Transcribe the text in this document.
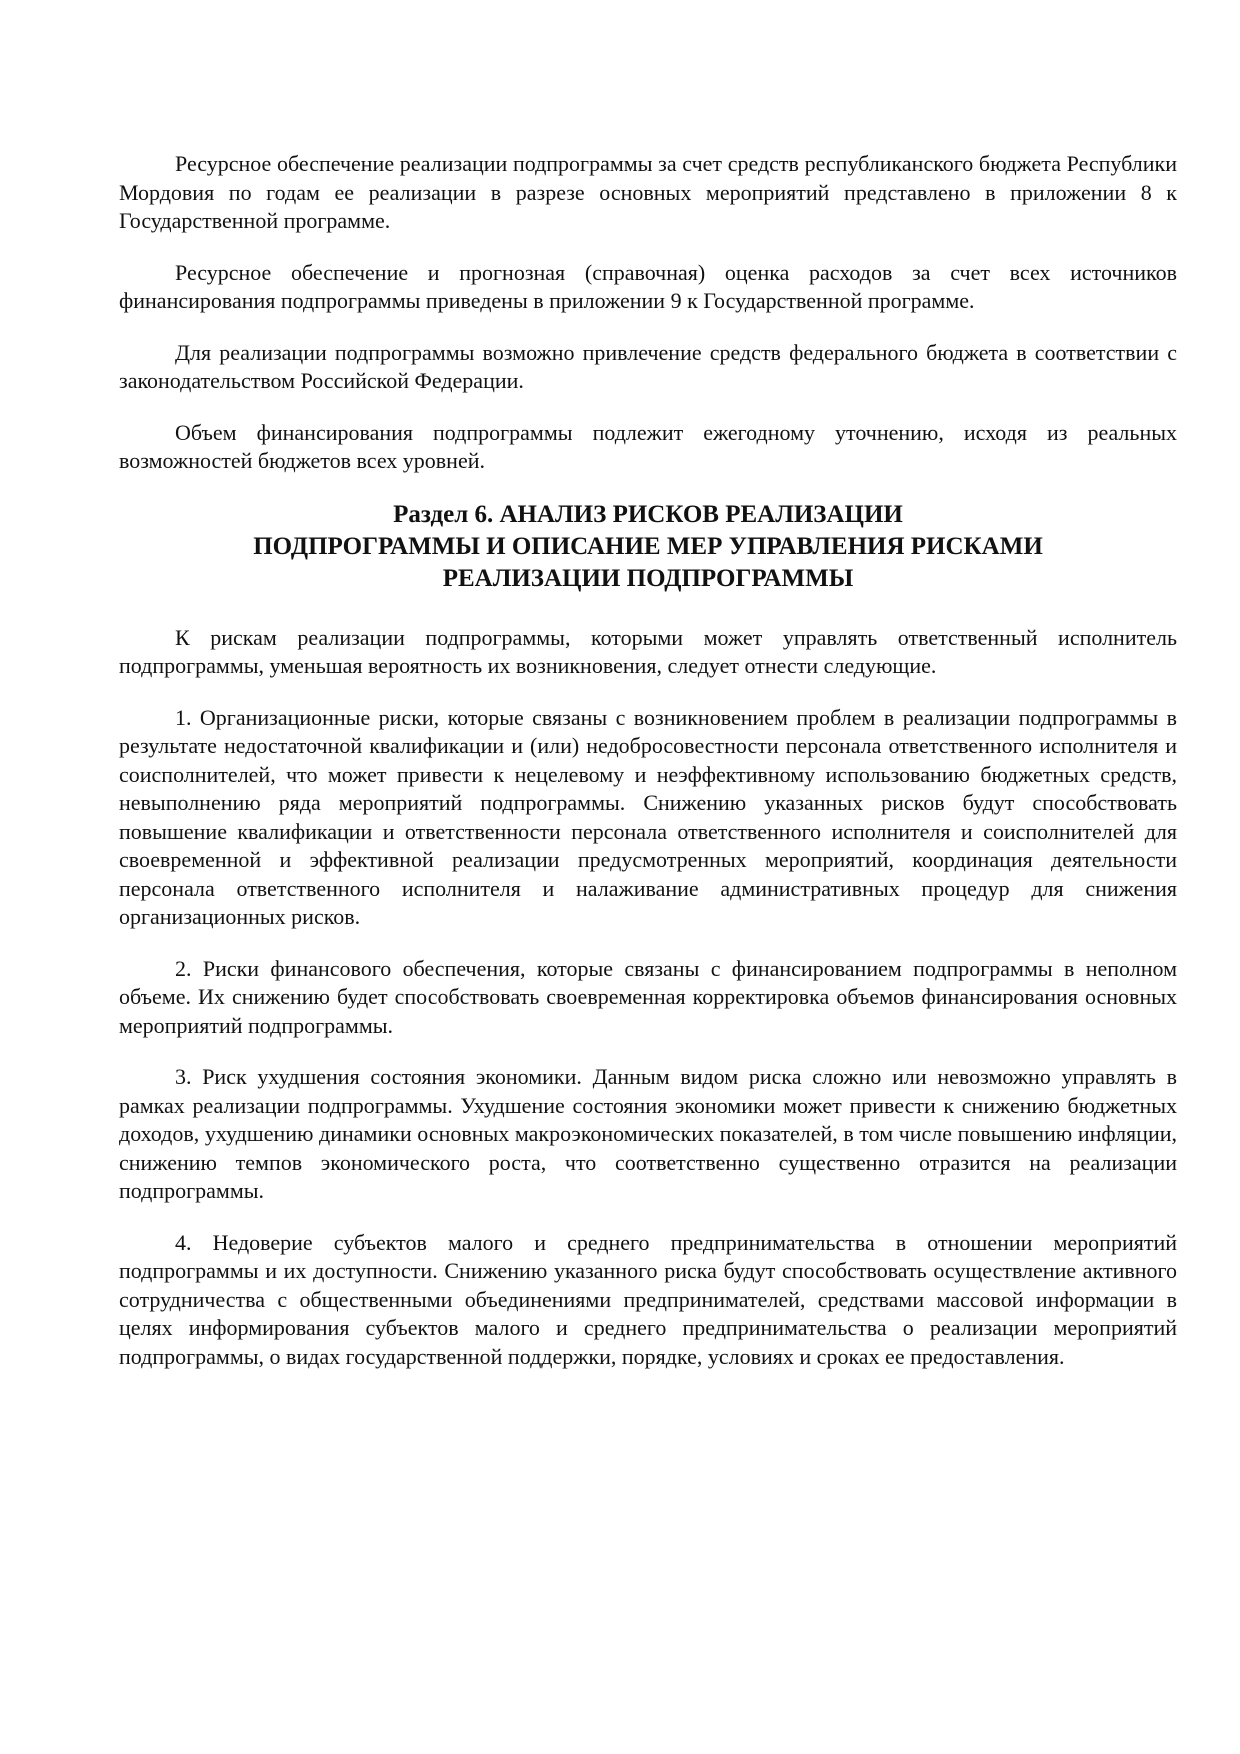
Ресурсное обеспечение реализации подпрограммы за счет средств республиканского бюджета Республики Мордовия по годам ее реализации в разрезе основных мероприятий представлено в приложении 8 к Государственной программе.

Ресурсное обеспечение и прогнозная (справочная) оценка расходов за счет всех источников финансирования подпрограммы приведены в приложении 9 к Государственной программе.

Для реализации подпрограммы возможно привлечение средств федерального бюджета в соответствии с законодательством Российской Федерации.

Объем финансирования подпрограммы подлежит ежегодному уточнению, исходя из реальных возможностей бюджетов всех уровней.

Раздел 6. АНАЛИЗ РИСКОВ РЕАЛИЗАЦИИ
ПОДПРОГРАММЫ И ОПИСАНИЕ МЕР УПРАВЛЕНИЯ РИСКАМИ
РЕАЛИЗАЦИИ ПОДПРОГРАММЫ

К рискам реализации подпрограммы, которыми может управлять ответственный исполнитель подпрограммы, уменьшая вероятность их возникновения, следует отнести следующие.

1. Организационные риски, которые связаны с возникновением проблем в реализации подпрограммы в результате недостаточной квалификации и (или) недобросовестности персонала ответственного исполнителя и соисполнителей, что может привести к нецелевому и неэффективному использованию бюджетных средств, невыполнению ряда мероприятий подпрограммы. Снижению указанных рисков будут способствовать повышение квалификации и ответственности персонала ответственного исполнителя и соисполнителей для своевременной и эффективной реализации предусмотренных мероприятий, координация деятельности персонала ответственного исполнителя и налаживание административных процедур для снижения организационных рисков.

2. Риски финансового обеспечения, которые связаны с финансированием подпрограммы в неполном объеме. Их снижению будет способствовать своевременная корректировка объемов финансирования основных мероприятий подпрограммы.

3. Риск ухудшения состояния экономики. Данным видом риска сложно или невозможно управлять в рамках реализации подпрограммы. Ухудшение состояния экономики может привести к снижению бюджетных доходов, ухудшению динамики основных макроэкономических показателей, в том числе повышению инфляции, снижению темпов экономического роста, что соответственно существенно отразится на реализации подпрограммы.

4. Недоверие субъектов малого и среднего предпринимательства в отношении мероприятий подпрограммы и их доступности. Снижению указанного риска будут способствовать осуществление активного сотрудничества с общественными объединениями предпринимателей, средствами массовой информации в целях информирования субъектов малого и среднего предпринимательства о реализации мероприятий подпрограммы, о видах государственной поддержки, порядке, условиях и сроках ее предоставления.
